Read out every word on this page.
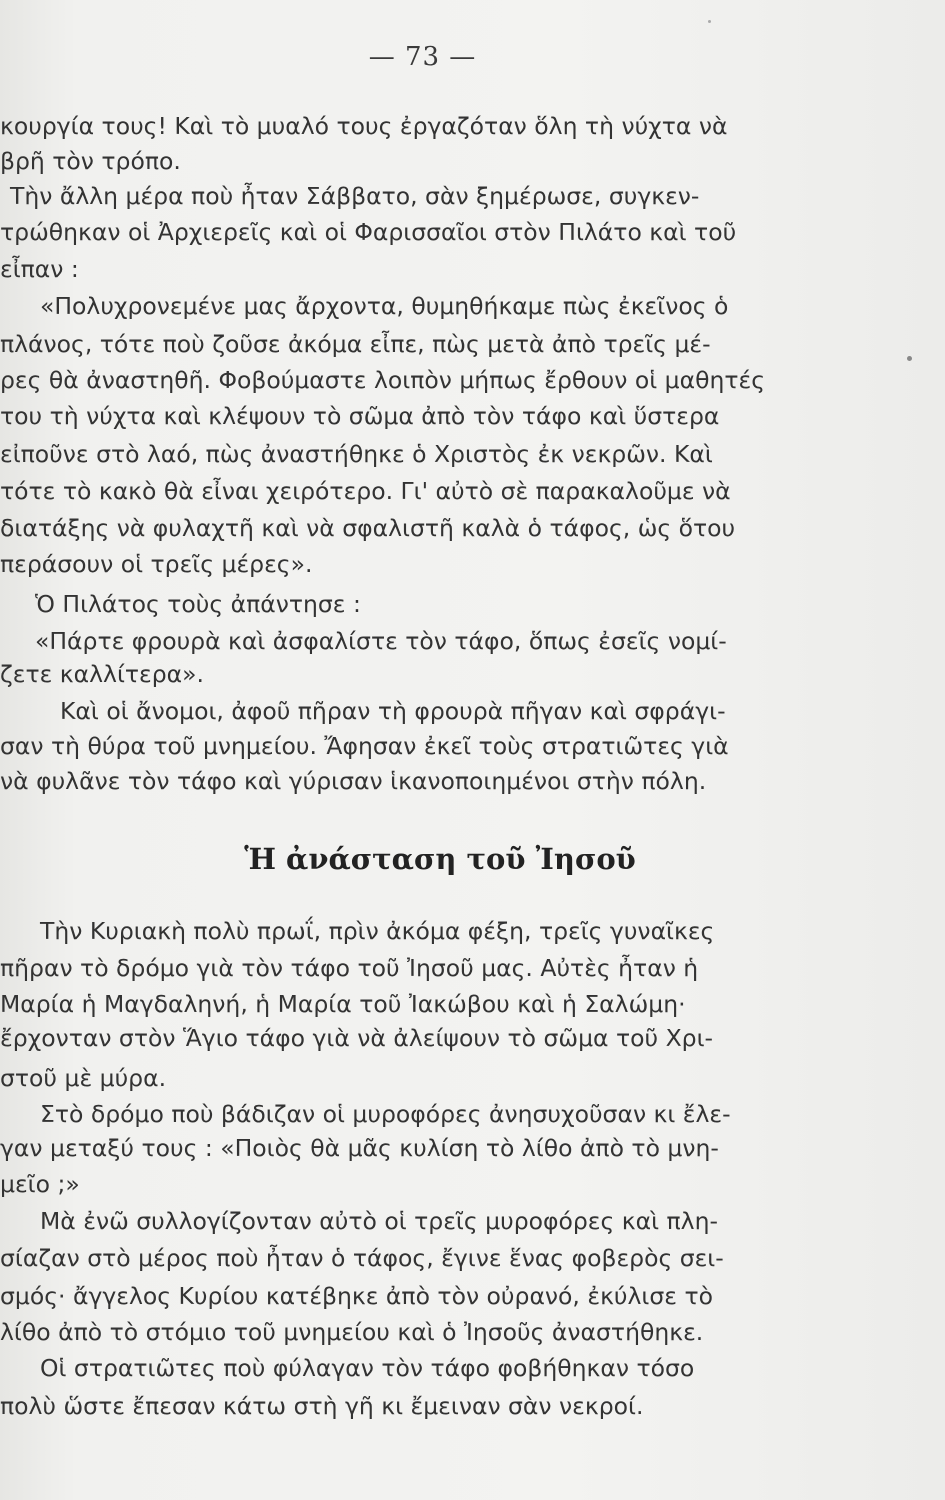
— 73 —
κουργία τους! Καὶ τὸ μυαλό τους ἐργαζόταν ὅλη τὴ νύχτα νὰ
βρῆ τὸν τρόπο.
Τὴν ἄλλη μέρα ποὺ ἦταν Σάββατο, σὰν ξημέρωσε, συγκεν-
τρώθηκαν οἱ Ἀρχιερεῖς καὶ οἱ Φαρισσαῖοι στὸν Πιλάτο καὶ τοῦ
εἶπαν :
«Πολυχρονεμένε μας ἄρχοντα, θυμηθήκαμε πὼς ἐκεῖνος ὁ
πλάνος, τότε ποὺ ζοῦσε ἀκόμα εἶπε, πὼς μετὰ ἀπὸ τρεῖς μέ-
ρες θὰ ἀναστηθῆ. Φοβούμαστε λοιπὸν μήπως ἔρθουν οἱ μαθητές
του τὴ νύχτα καὶ κλέψουν τὸ σῶμα ἀπὸ τὸν τάφο καὶ ὕστερα
εἰποῦνε στὸ λαό, πὼς ἀναστήθηκε ὁ Χριστὸς ἐκ νεκρῶν. Καὶ
τότε τὸ κακὸ θὰ εἶναι χειρότερο. Γι' αὐτὸ σὲ παρακαλοῦμε νὰ
διατάξης νὰ φυλαχτῆ καὶ νὰ σφαλιστῆ καλὰ ὁ τάφος, ὡς ὅτου
περάσουν οἱ τρεῖς μέρες».
Ὁ Πιλάτος τοὺς ἀπάντησε :
«Πάρτε φρουρὰ καὶ ἀσφαλίστε τὸν τάφο, ὅπως ἐσεῖς νομί-
ζετε καλλίτερα».
Καὶ οἱ ἄνομοι, ἀφοῦ πῆραν τὴ φρουρὰ πῆγαν καὶ σφράγι-
σαν τὴ θύρα τοῦ μνημείου. Ἄφησαν ἐκεῖ τοὺς στρατιῶτες γιὰ
νὰ φυλᾶνε τὸν τάφο καὶ γύρισαν ἱκανοποιημένοι στὴν πόλη.
Ἡ ἀνάσταση τοῦ Ἰησοῦ
Τὴν Κυριακὴ πολὺ πρωΐ, πρὶν ἀκόμα φέξη, τρεῖς γυναῖκες
πῆραν τὸ δρόμο γιὰ τὸν τάφο τοῦ Ἰησοῦ μας. Αὐτὲς ἦταν ἡ
Μαρία ἡ Μαγδαληνή, ἡ Μαρία τοῦ Ἰακώβου καὶ ἡ Σαλώμη·
ἔρχονταν στὸν Ἅγιο τάφο γιὰ νὰ ἀλείψουν τὸ σῶμα τοῦ Χρι-
στοῦ μὲ μύρα.
Στὸ δρόμο ποὺ βάδιζαν οἱ μυροφόρες ἀνησυχοῦσαν κι ἔλε-
γαν μεταξύ τους : «Ποιὸς θὰ μᾶς κυλίση τὸ λίθο ἀπὸ τὸ μνη-
μεῖο ;»
Μὰ ἐνῶ συλλογίζονταν αὐτὸ οἱ τρεῖς μυροφόρες καὶ πλη-
σίαζαν στὸ μέρος ποὺ ἦταν ὁ τάφος, ἔγινε ἕνας φοβερὸς σει-
σμός· ἄγγελος Κυρίου κατέβηκε ἀπὸ τὸν οὐρανό, ἐκύλισε τὸ
λίθο ἀπὸ τὸ στόμιο τοῦ μνημείου καὶ ὁ Ἰησοῦς ἀναστήθηκε.
Οἱ στρατιῶτες ποὺ φύλαγαν τὸν τάφο φοβήθηκαν τόσο
πολὺ ὥστε ἔπεσαν κάτω στὴ γῆ κι ἔμειναν σὰν νεκροί.
